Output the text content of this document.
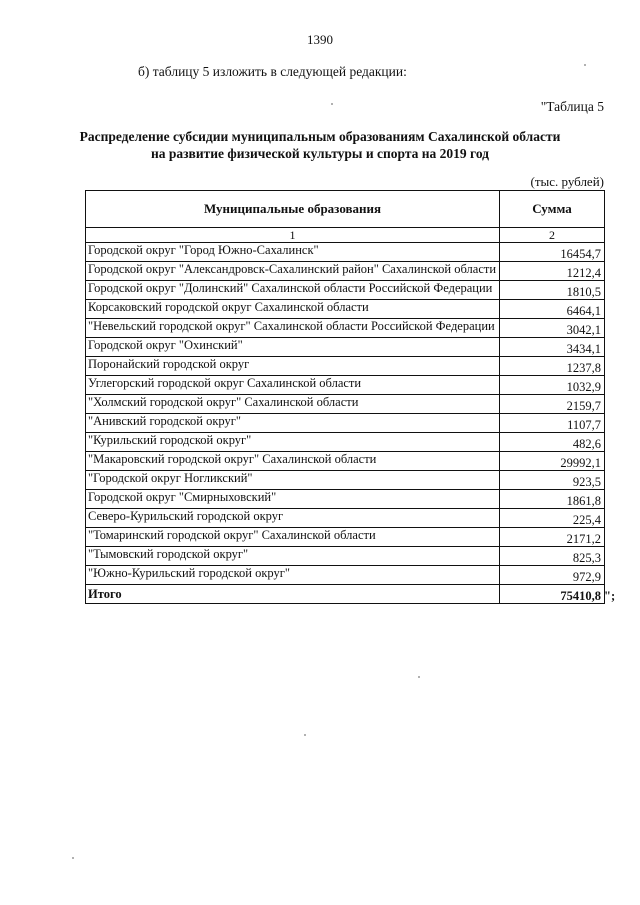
1390
б) таблицу 5 изложить в следующей редакции:
"Таблица 5
Распределение субсидии муниципальным образованиям Сахалинской области
на развитие физической культуры и спорта на 2019 год
(тыс. рублей)
Муниципальные образования	Сумма
1	2
Городской округ "Город Южно-Сахалинск"	16454,7
Городской округ "Александровск-Сахалинский район" Сахалинской области	1212,4
Городской округ "Долинский" Сахалинской области Российской Федерации	1810,5
Корсаковский городской округ Сахалинской области	6464,1
"Невельский городской округ" Сахалинской области Российской Федерации	3042,1
Городской округ "Охинский"	3434,1
Поронайский городской округ	1237,8
Углегорский городской округ Сахалинской области	1032,9
"Холмский городской округ" Сахалинской области	2159,7
"Анивский городской округ"	1107,7
"Курильский городской округ"	482,6
"Макаровский городской округ" Сахалинской области	29992,1
"Городской округ Ногликский"	923,5
Городской округ "Смирныховский"	1861,8
Северо-Курильский городской округ	225,4
"Томаринский городской округ" Сахалинской области	2171,2
"Тымовский городской округ"	825,3
"Южно-Курильский городской округ"	972,9
Итого	75410,8 ";
